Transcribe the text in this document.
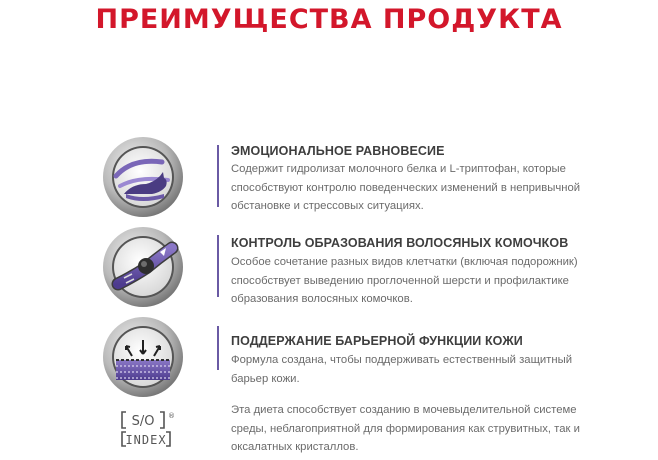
ПРЕИМУЩЕСТВА ПРОДУКТА
ЭМОЦИОНАЛЬНОЕ РАВНОВЕСИЕ
Содержит гидролизат молочного белка и L-триптофан, которые способствуют контролю поведенческих изменений в непривычной обстановке и стрессовых ситуациях.
КОНТРОЛЬ ОБРАЗОВАНИЯ ВОЛОСЯНЫХ КОМОЧКОВ
Особое сочетание разных видов клетчатки (включая подорожник) способствует выведению проглоченной шерсти и профилактике образования волосяных комочков.
ПОДДЕРЖАНИЕ БАРЬЕРНОЙ ФУНКЦИИ КОЖИ
Формула создана, чтобы поддерживать естественный защитный барьер кожи.
S/O ®
INDEX
Эта диета способствует созданию в мочевыделительной системе среды, неблагоприятной для формирования как струвитных, так и оксалатных кристаллов.
